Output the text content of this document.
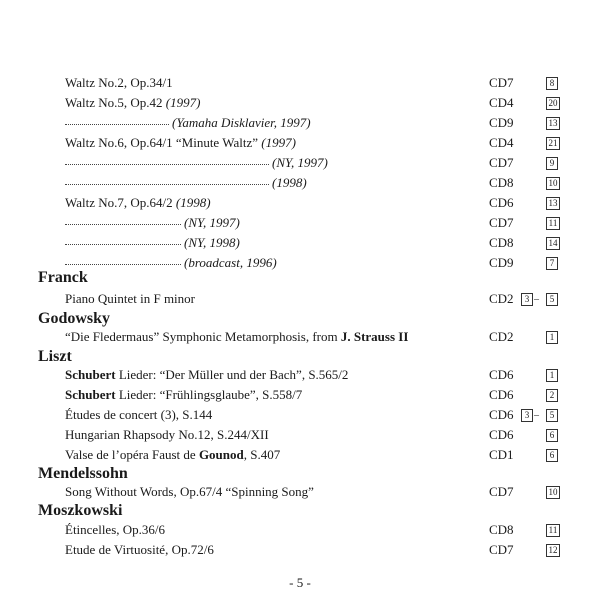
Waltz No.2, Op.34/1	CD7	8
Waltz No.5, Op.42 (1997)	CD4	20
(Yamaha Disklavier, 1997)	CD9	13
Waltz No.6, Op.64/1 “Minute Waltz” (1997)	CD4	21
(NY, 1997)	CD7	9
(1998)	CD8	10
Waltz No.7, Op.64/2 (1998)	CD6	13
(NY, 1997)	CD7	11
(NY, 1998)	CD8	14
(broadcast, 1996)	CD9	7
Franck
Piano Quintet in F minor	CD2	3 –	5
Godowsky
“Die Fledermaus” Symphonic Metamorphosis, from J. Strauss II	CD2	1
Liszt
Schubert Lieder: “Der Müller und der Bach”, S.565/2	CD6	1
Schubert Lieder: “Frühlingsglaube”, S.558/7	CD6	2
Études de concert (3), S.144	CD6	3 –	5
Hungarian Rhapsody No.12, S.244/XII	CD6	6
Valse de l’opéra Faust de Gounod, S.407	CD1	6
Mendelssohn
Song Without Words, Op.67/4 “Spinning Song”	CD7	10
Moszkowski
Étincelles, Op.36/6	CD8	11
Etude de Virtuosité, Op.72/6	CD7	12
- 5 -
